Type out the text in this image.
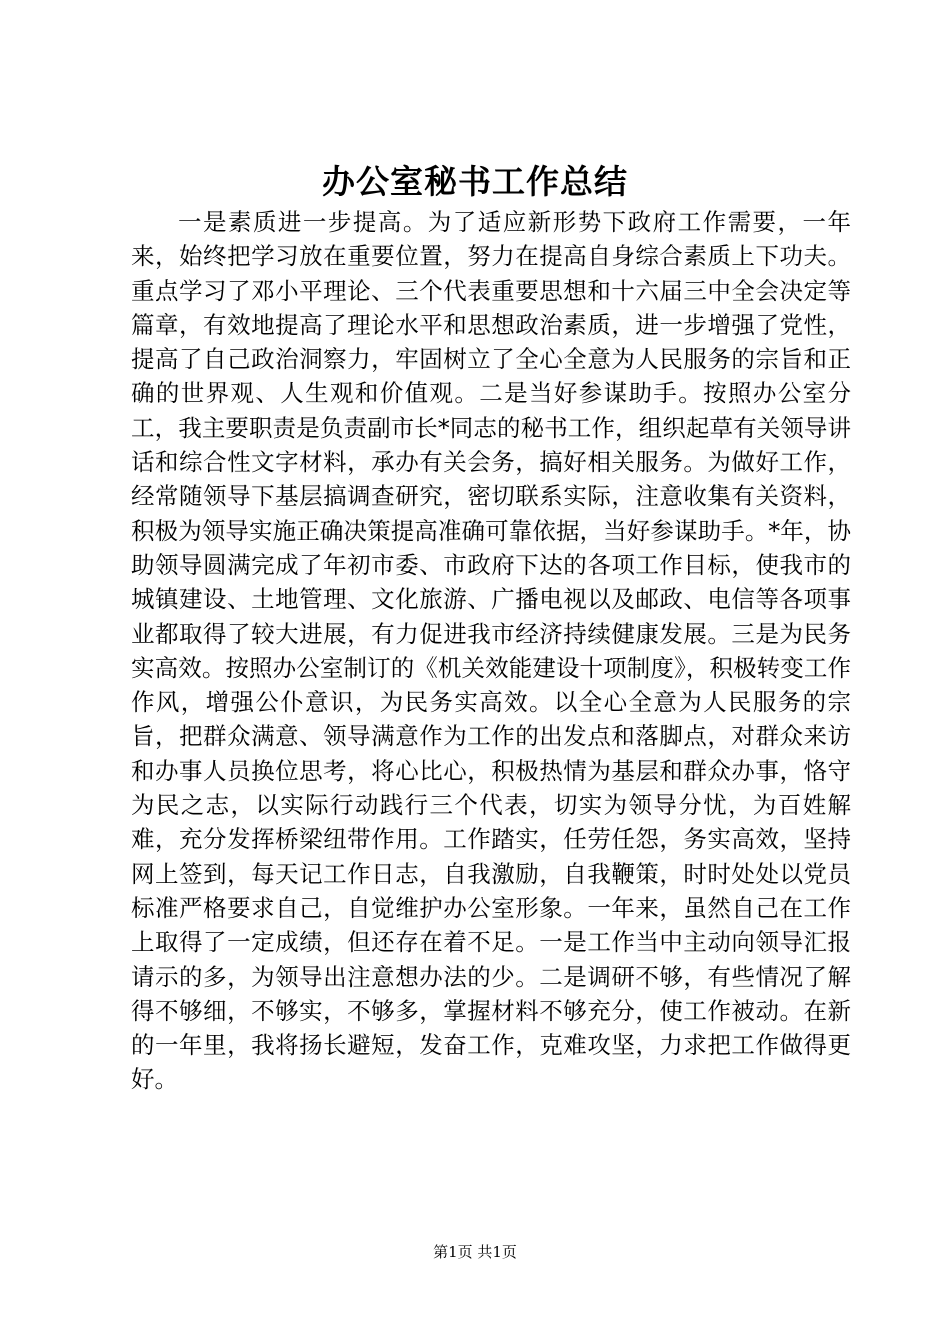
办公室秘书工作总结

一是素质进一步提高。为了适应新形势下政府工作需要，一年来，始终把学习放在重要位置，努力在提高自身综合素质上下功夫。重点学习了邓小平理论、三个代表重要思想和十六届三中全会决定等篇章，有效地提高了理论水平和思想政治素质，进一步增强了党性，提高了自己政治洞察力，牢固树立了全心全意为人民服务的宗旨和正确的世界观、人生观和价值观。二是当好参谋助手。按照办公室分工，我主要职责是负责副市长*同志的秘书工作，组织起草有关领导讲话和综合性文字材料，承办有关会务，搞好相关服务。为做好工作，经常随领导下基层搞调查研究，密切联系实际，注意收集有关资料，积极为领导实施正确决策提高准确可靠依据，当好参谋助手。*年，协助领导圆满完成了年初市委、市政府下达的各项工作目标，使我市的城镇建设、土地管理、文化旅游、广播电视以及邮政、电信等各项事业都取得了较大进展，有力促进我市经济持续健康发展。三是为民务实高效。按照办公室制订的《机关效能建设十项制度》，积极转变工作作风，增强公仆意识，为民务实高效。以全心全意为人民服务的宗旨，把群众满意、领导满意作为工作的出发点和落脚点，对群众来访和办事人员换位思考，将心比心，积极热情为基层和群众办事，恪守为民之志，以实际行动践行三个代表，切实为领导分忧，为百姓解难，充分发挥桥梁纽带作用。工作踏实，任劳任怨，务实高效，坚持网上签到，每天记工作日志，自我激励，自我鞭策，时时处处以党员标准严格要求自己，自觉维护办公室形象。一年来，虽然自己在工作上取得了一定成绩，但还存在着不足。一是工作当中主动向领导汇报请示的多，为领导出注意想办法的少。二是调研不够，有些情况了解得不够细，不够实，不够多，掌握材料不够充分，使工作被动。在新的一年里，我将扬长避短，发奋工作，克难攻坚，力求把工作做得更好。

第1页 共1页
